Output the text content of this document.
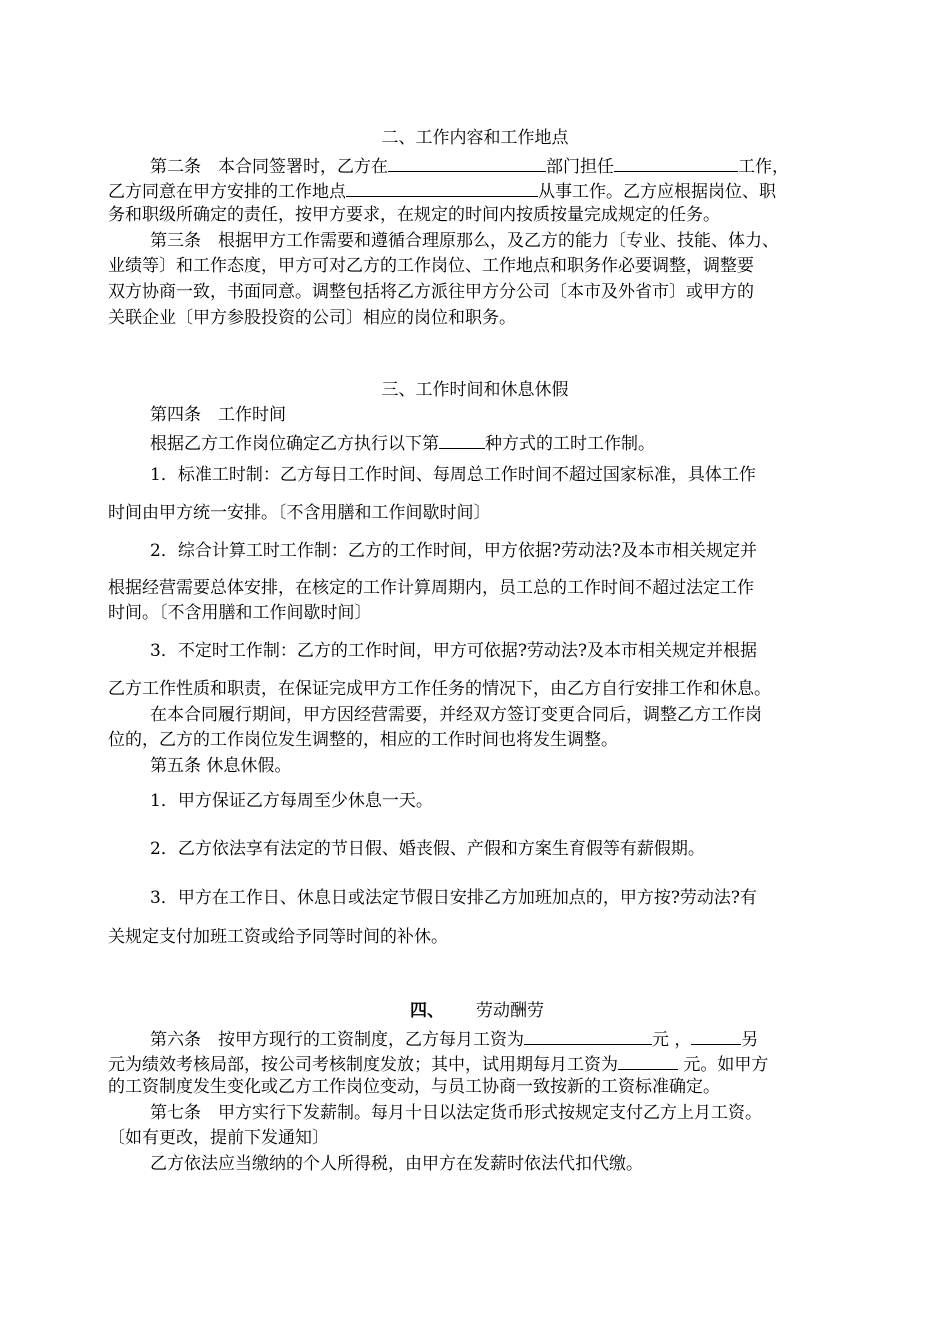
二、工作内容和工作地点
第二条　本合同签署时，乙方在	部门担任	工作，
乙方同意在甲方安排的工作地点	从事工作。乙方应根据岗位、职
务和职级所确定的责任，按甲方要求，在规定的时间内按质按量完成规定的任务。
第三条　根据甲方工作需要和遵循合理原那么，及乙方的能力〔专业、技能、体力、
业绩等〕和工作态度，甲方可对乙方的工作岗位、工作地点和职务作必要调整，调整要
双方协商一致，书面同意。调整包括将乙方派往甲方分公司〔本市及外省市〕或甲方的
关联企业〔甲方参股投资的公司〕相应的岗位和职务。
三、工作时间和休息休假
第四条　工作时间
根据乙方工作岗位确定乙方执行以下第	种方式的工时工作制。
1．标准工时制：乙方每日工作时间、每周总工作时间不超过国家标准，具体工作
时间由甲方统一安排。〔不含用膳和工作间歇时间〕
2．综合计算工时工作制：乙方的工作时间，甲方依据?劳动法?及本市相关规定并
根据经营需要总体安排，在核定的工作计算周期内，员工总的工作时间不超过法定工作
时间。〔不含用膳和工作间歇时间〕
3．不定时工作制：乙方的工作时间，甲方可依据?劳动法?及本市相关规定并根据
乙方工作性质和职责，在保证完成甲方工作任务的情况下，由乙方自行安排工作和休息。
在本合同履行期间，甲方因经营需要，并经双方签订变更合同后，调整乙方工作岗
位的，乙方的工作岗位发生调整的，相应的工作时间也将发生调整。
第五条 休息休假。
1．甲方保证乙方每周至少休息一天。
2．乙方依法享有法定的节日假、婚丧假、产假和方案生育假等有薪假期。
3．甲方在工作日、休息日或法定节假日安排乙方加班加点的，甲方按?劳动法?有
关规定支付加班工资或给予同等时间的补休。
四、 劳动酬劳
第六条　按甲方现行的工资制度，乙方每月工资为	元 ，	另
元为绩效考核局部，按公司考核制度发放；其中，试用期每月工资为	元。如甲方
的工资制度发生变化或乙方工作岗位变动，与员工协商一致按新的工资标准确定。
第七条　甲方实行下发薪制。每月十日以法定货币形式按规定支付乙方上月工资。
〔如有更改，提前下发通知〕
乙方依法应当缴纳的个人所得税，由甲方在发薪时依法代扣代缴。
